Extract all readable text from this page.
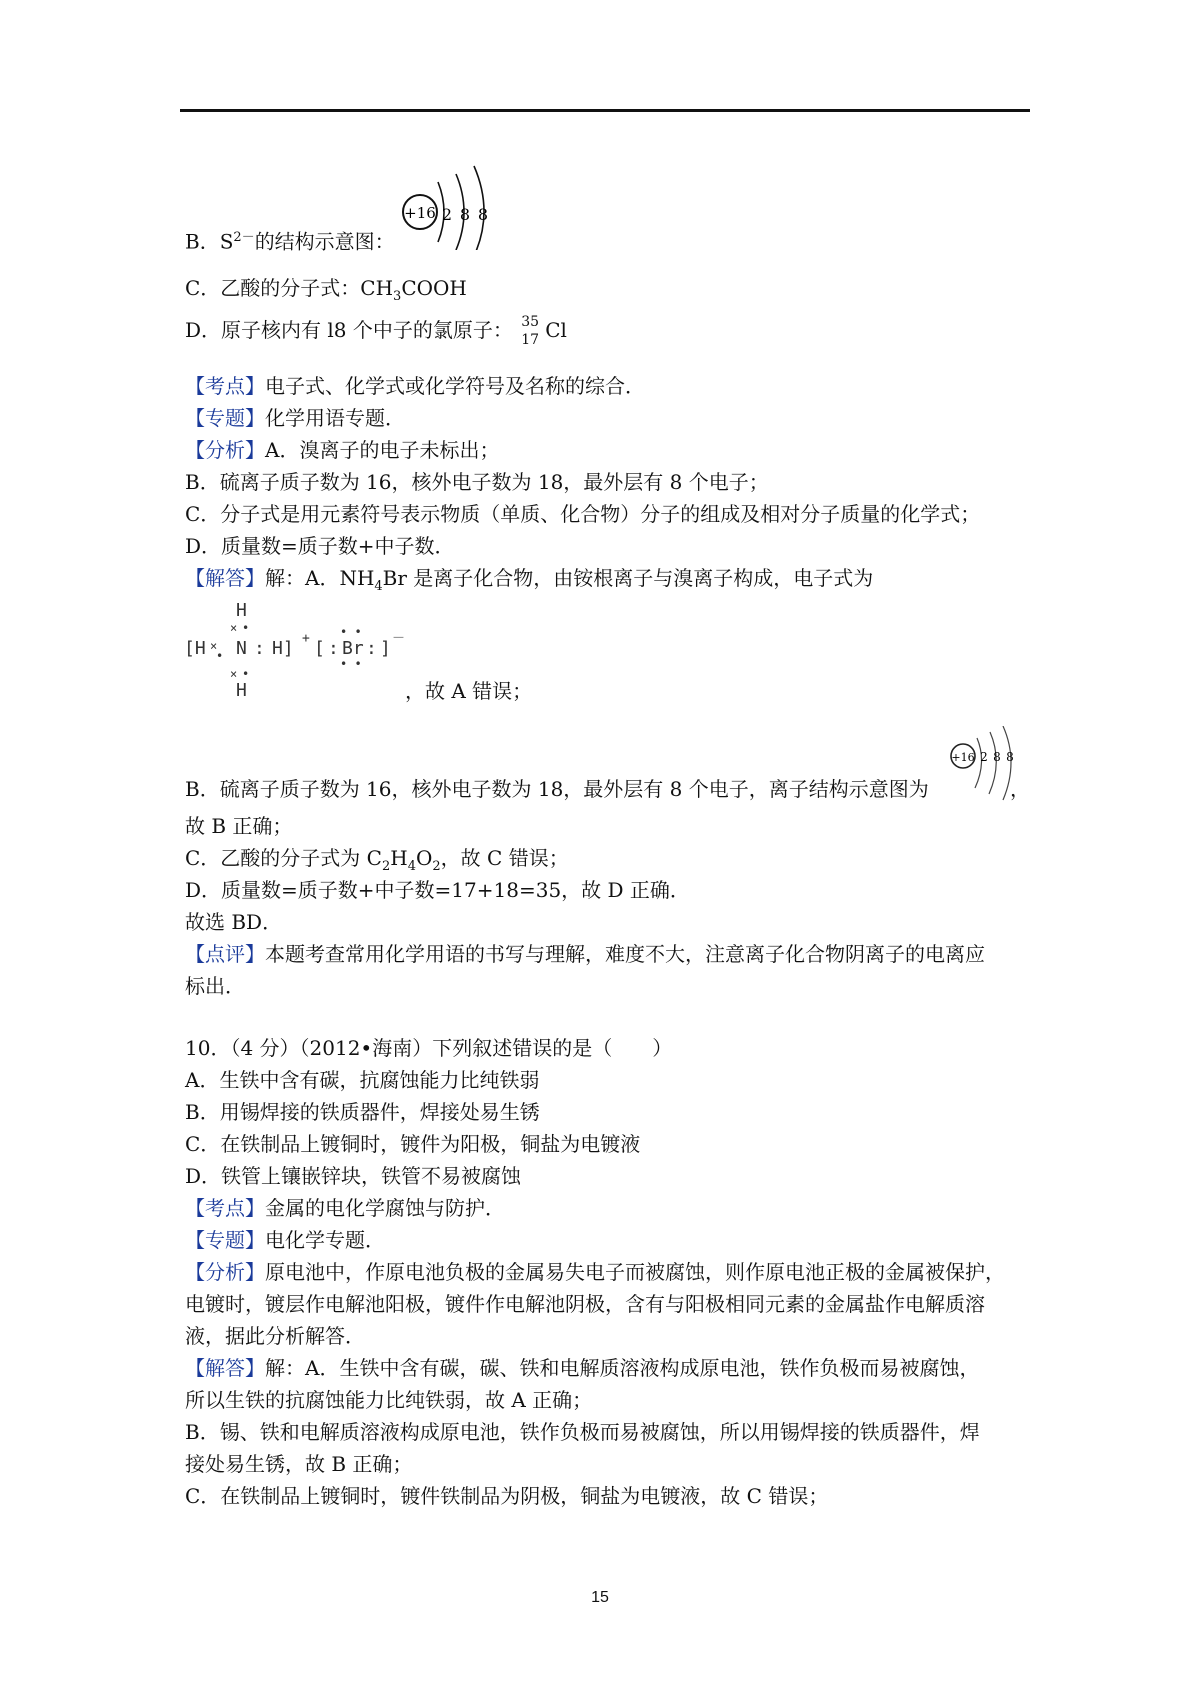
B．$S^{2-}$的结构示意图：
+16 2 8 8
C．乙酸的分子式：$CH_3COOH$
D．原子核内有 l8 个中子的氯原子： 35
17 Cl
【考点】电子式、化学式或化学符号及名称的综合．
【专题】化学用语专题．
【分析】A．溴离子的电子未标出；
B．硫离子质子数为 16，核外电子数为 18，最外层有 8 个电子；
C．分子式是用元素符号表示物质（单质、化合物）分子的组成及相对分子质量的化学式；
D．质量数=质子数+中子数．
【解答】解：A．$NH_4Br$ 是离子化合物，由铵根离子与溴离子构成，电子式为
H
× •
[H ×
• N : H] + [ :
• •
Br
• •
: ] －
× •
H	，故 A 错误；
B．硫离子质子数为 16，核外电子数为 18，最外层有 8 个电子，离子结构示意图为
+16 2 8 8
，
故 B 正确；
C．乙酸的分子式为 $C_2H_4O_2$，故 C 错误；
D．质量数=质子数+中子数=17+18=35，故 D 正确．
故选 BD．
【点评】本题考查常用化学用语的书写与理解，难度不大，注意离子化合物阴离子的电离应
标出．
10．（4 分）（2012•海南）下列叙述错误的是（　　）
A．生铁中含有碳，抗腐蚀能力比纯铁弱
B．用锡焊接的铁质器件，焊接处易生锈
C．在铁制品上镀铜时，镀件为阳极，铜盐为电镀液
D．铁管上镶嵌锌块，铁管不易被腐蚀
【考点】金属的电化学腐蚀与防护．
【专题】电化学专题．
【分析】原电池中，作原电池负极的金属易失电子而被腐蚀，则作原电池正极的金属被保护，
电镀时，镀层作电解池阳极，镀件作电解池阴极，含有与阳极相同元素的金属盐作电解质溶
液，据此分析解答．
【解答】解：A．生铁中含有碳，碳、铁和电解质溶液构成原电池，铁作负极而易被腐蚀，
所以生铁的抗腐蚀能力比纯铁弱，故 A 正确；
B．锡、铁和电解质溶液构成原电池，铁作负极而易被腐蚀，所以用锡焊接的铁质器件，焊
接处易生锈，故 B 正确；
C．在铁制品上镀铜时，镀件铁制品为阴极，铜盐为电镀液，故 C 错误；
15
